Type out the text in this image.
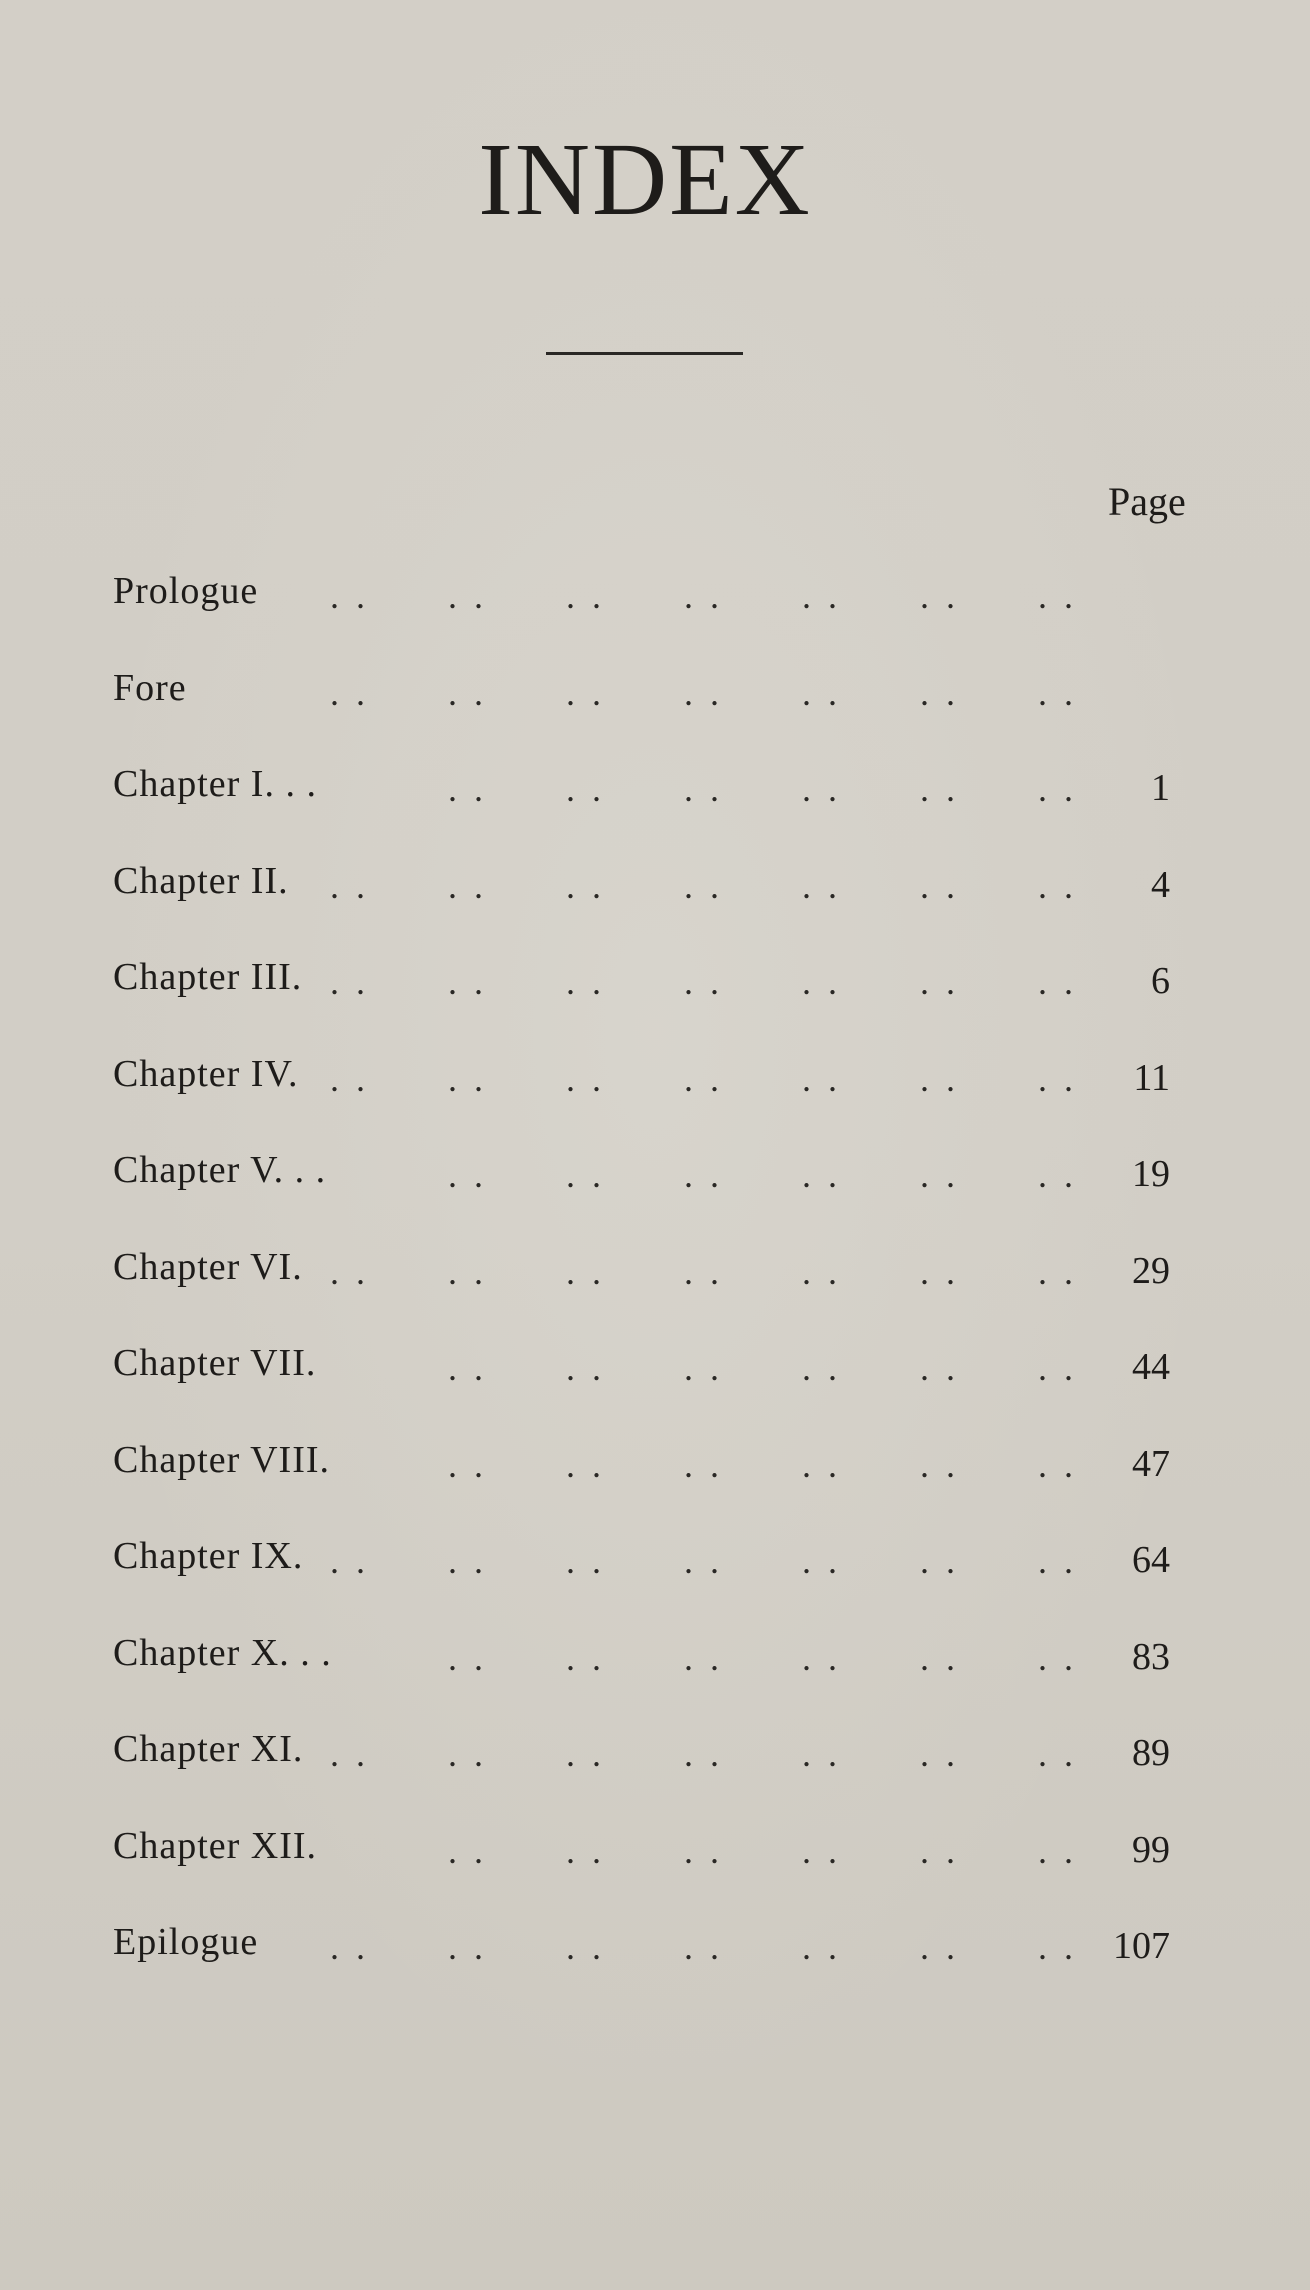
INDEX
Page
Prologue . . . . . . . . . . . . . .
Fore	. . . . . . . . . . . . . .
Chapter I. . .	1
. . . . . . . . . . . .
Chapter II.	4
. . . . . . . . . . . . . .
Chapter III.	6
. . . . . . . . . . . . . .
Chapter IV.	11
. . . . . . . . . . . . . .
Chapter V. . .	19
. . . . . . . . . . . .
Chapter VI.	29
. . . . . . . . . . . . . .
Chapter VII.	44
. . . . . . . . . . . .
Chapter VIII.	47
. . . . . . . . . . . .
Chapter IX.	64
. . . . . . . . . . . . . .
Chapter X. . .	83
. . . . . . . . . . . .
Chapter XI.	89
. . . . . . . . . . . . . .
Chapter XII.	99
. . . . . . . . . . . .
Epilogue	107
. . . . . . . . . . . . . .
